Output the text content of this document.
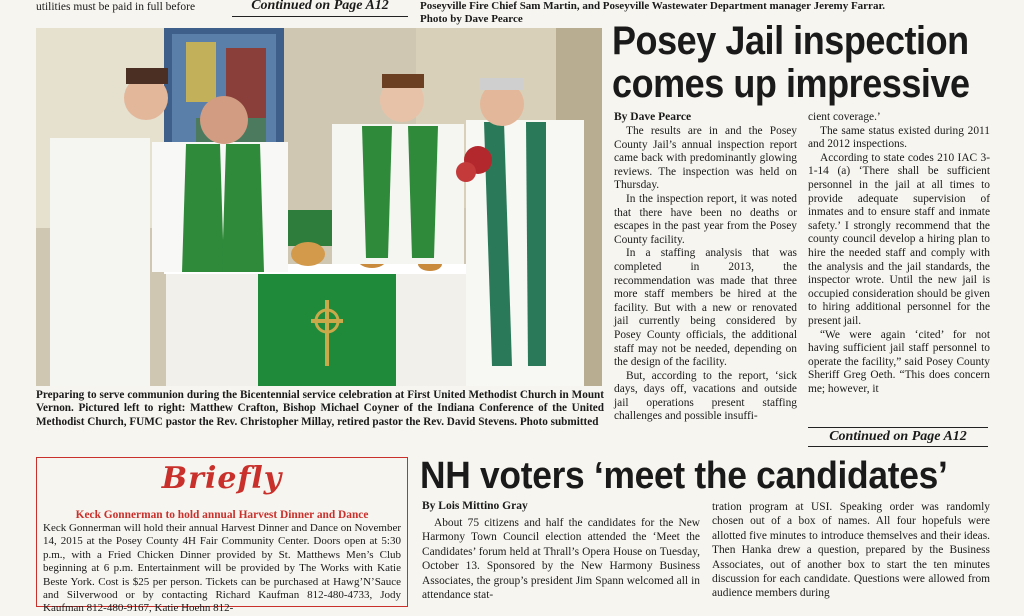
utilities must be paid in full before	Continued on Page A12	Poseyville Fire Chief Sam Martin, and Poseyville Wastewater Department manager Jeremy Farrar.
Photo by Dave Pearce
Preparing to serve communion during the Bicentennial service celebration at First United Methodist Church in Mount Vernon. Pictured left to right: Matthew Crafton, Bishop Michael Coyner of the Indiana Conference of the United Methodist Church, FUMC pastor the Rev. Christopher Millay, retired pastor the Rev. David Stevens. Photo submitted
Posey Jail inspection
comes up impressive
By Dave Pearce

The results are in and the Posey County Jail’s annual inspection report came back with predominantly glowing reviews. The inspection was held on Thursday.

In the inspection report, it was noted that there have been no deaths or escapes in the past year from the Posey County facility.

In a staffing analysis that was completed in 2013, the recommendation was made that three more staff members be hired at the facility. But with a new or renovated jail currently being considered by Posey County officials, the additional staff may not be needed, depending on the design of the facility.

But, according to the report, ‘sick days, days off, vacations and outside jail operations present staffing challenges and possible insuffi-

cient coverage.’

The same status existed during 2011 and 2012 inspections.

According to state codes 210 IAC 3-1-14 (a) ‘There shall be sufficient personnel in the jail at all times to provide adequate supervision of inmates and to ensure staff and inmate safety.’ I strongly recommend that the county council develop a hiring plan to hire the needed staff and comply with the analysis and the jail standards, the inspector wrote. Until the new jail is occupied consideration should be given to hiring additional personnel for the present jail.

“We were again ‘cited’ for not having sufficient jail staff personnel to operate the facility,” said Posey County Sheriff Greg Oeth. “This does concern me; however, it

Continued on Page A12
Briefly
Keck Gonnerman to hold annual Harvest Dinner and Dance
Keck Gonnerman will hold their annual Harvest Dinner and Dance on November 14, 2015 at the Posey County 4H Fair Community Center. Doors open at 5:30 p.m., with a Fried Chicken Dinner provided by St. Matthews Men’s Club beginning at 6 p.m. Entertainment will be provided by The Works with Katie Beste York. Cost is $25 per person. Tickets can be purchased at Hawg’N’Sauce and Silverwood or by contacting Richard Kaufman 812-480-4733, Jody Kaufman 812-480-9167, Katie Hoehn 812-
NH voters ‘meet the candidates’
By Lois Mittino Gray

About 75 citizens and half the candidates for the New Harmony Town Council election attended the ‘Meet the Candidates’ forum held at Thrall’s Opera House on Tuesday, October 13. Sponsored by the New Harmony Business Associates, the group’s president Jim Spann welcomed all in attendance stat-

tration program at USI. Speaking order was randomly chosen out of a box of names. All four hopefuls were allotted five minutes to introduce themselves and their ideas. Then Hanka drew a question, prepared by the Business Associates, out of another box to start the ten minutes discussion for each candidate. Questions were allowed from audience members during
